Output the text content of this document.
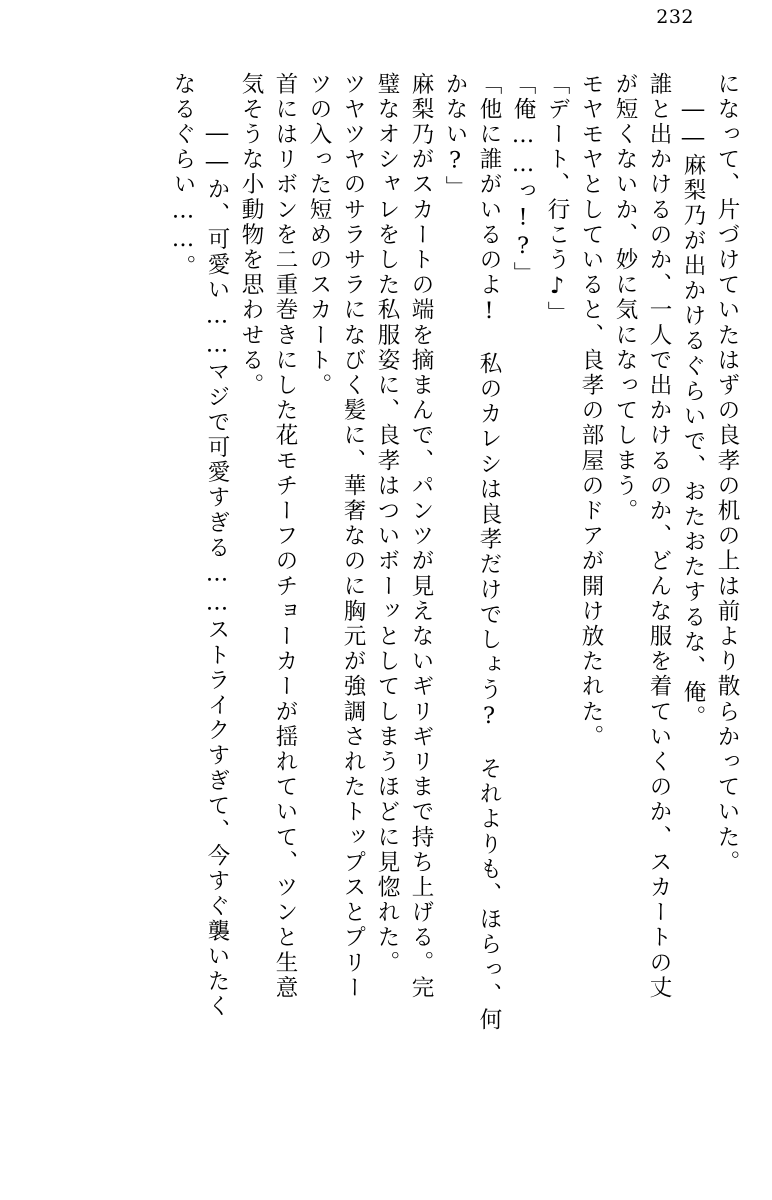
232
になって、片づけていたはずの良孝の机の上は前より散らかっていた。
――麻梨乃が出かけるぐらいで、おたおたするな、俺。
誰と出かけるのか、一人で出かけるのか、どんな服を着ていくのか、スカートの丈
が短くないか、妙に気になってしまう。
モヤモヤとしていると、良孝の部屋のドアが開け放たれた。
「デート、行こう♪」
「俺……っ!?」
「他に誰がいるのよ!　私のカレシは良孝だけでしょう?　それよりも、ほらっ、何
かない?」
麻梨乃がスカートの端を摘まんで、パンツが見えないギリギリまで持ち上げる。完
璧なオシャレをした私服姿に、良孝はついボーッとしてしまうほどに見惚れた。
ツヤツヤのサラサラになびく髪に、華奢なのに胸元が強調されたトップスとプリー
ツの入った短めのスカート。
首にはリボンを二重巻きにした花モチーフのチョーカーが揺れていて、ツンと生意
気そうな小動物を思わせる。
――か、可愛い……マジで可愛すぎる……ストライクすぎて、今すぐ襲いたく
なるぐらい……。
